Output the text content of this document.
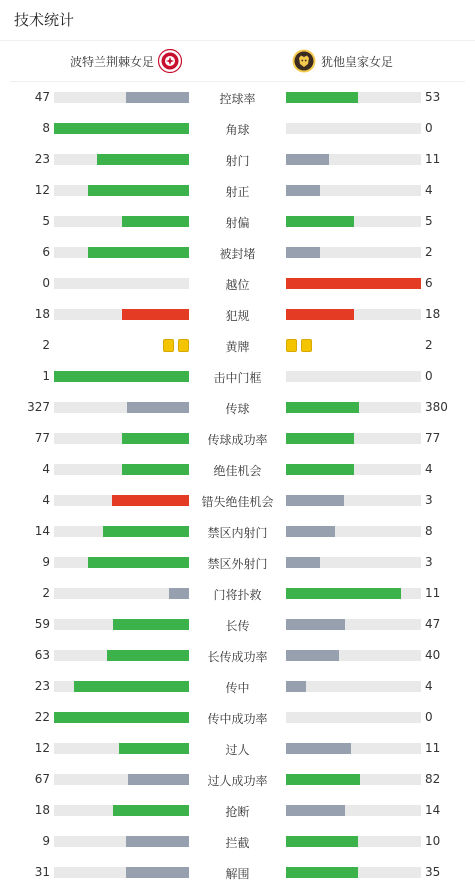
技术统计
波特兰荆棘女足	犹他皇家女足
47	控球率	53
8	角球	0
23	射门	11
12	射正	4
5	射偏	5
6	被封堵	2
0	越位	6
18	犯规	18
2	黄牌	2
1	击中门框	0
327	传球	380
77	传球成功率	77
4	绝佳机会	4
4	错失绝佳机会	3
14	禁区内射门	8
9	禁区外射门	3
2	门将扑救	11
59	长传	47
63	长传成功率	40
23	传中	4
22	传中成功率	0
12	过人	11
67	过人成功率	82
18	抢断	14
9	拦截	10
31	解围	35
